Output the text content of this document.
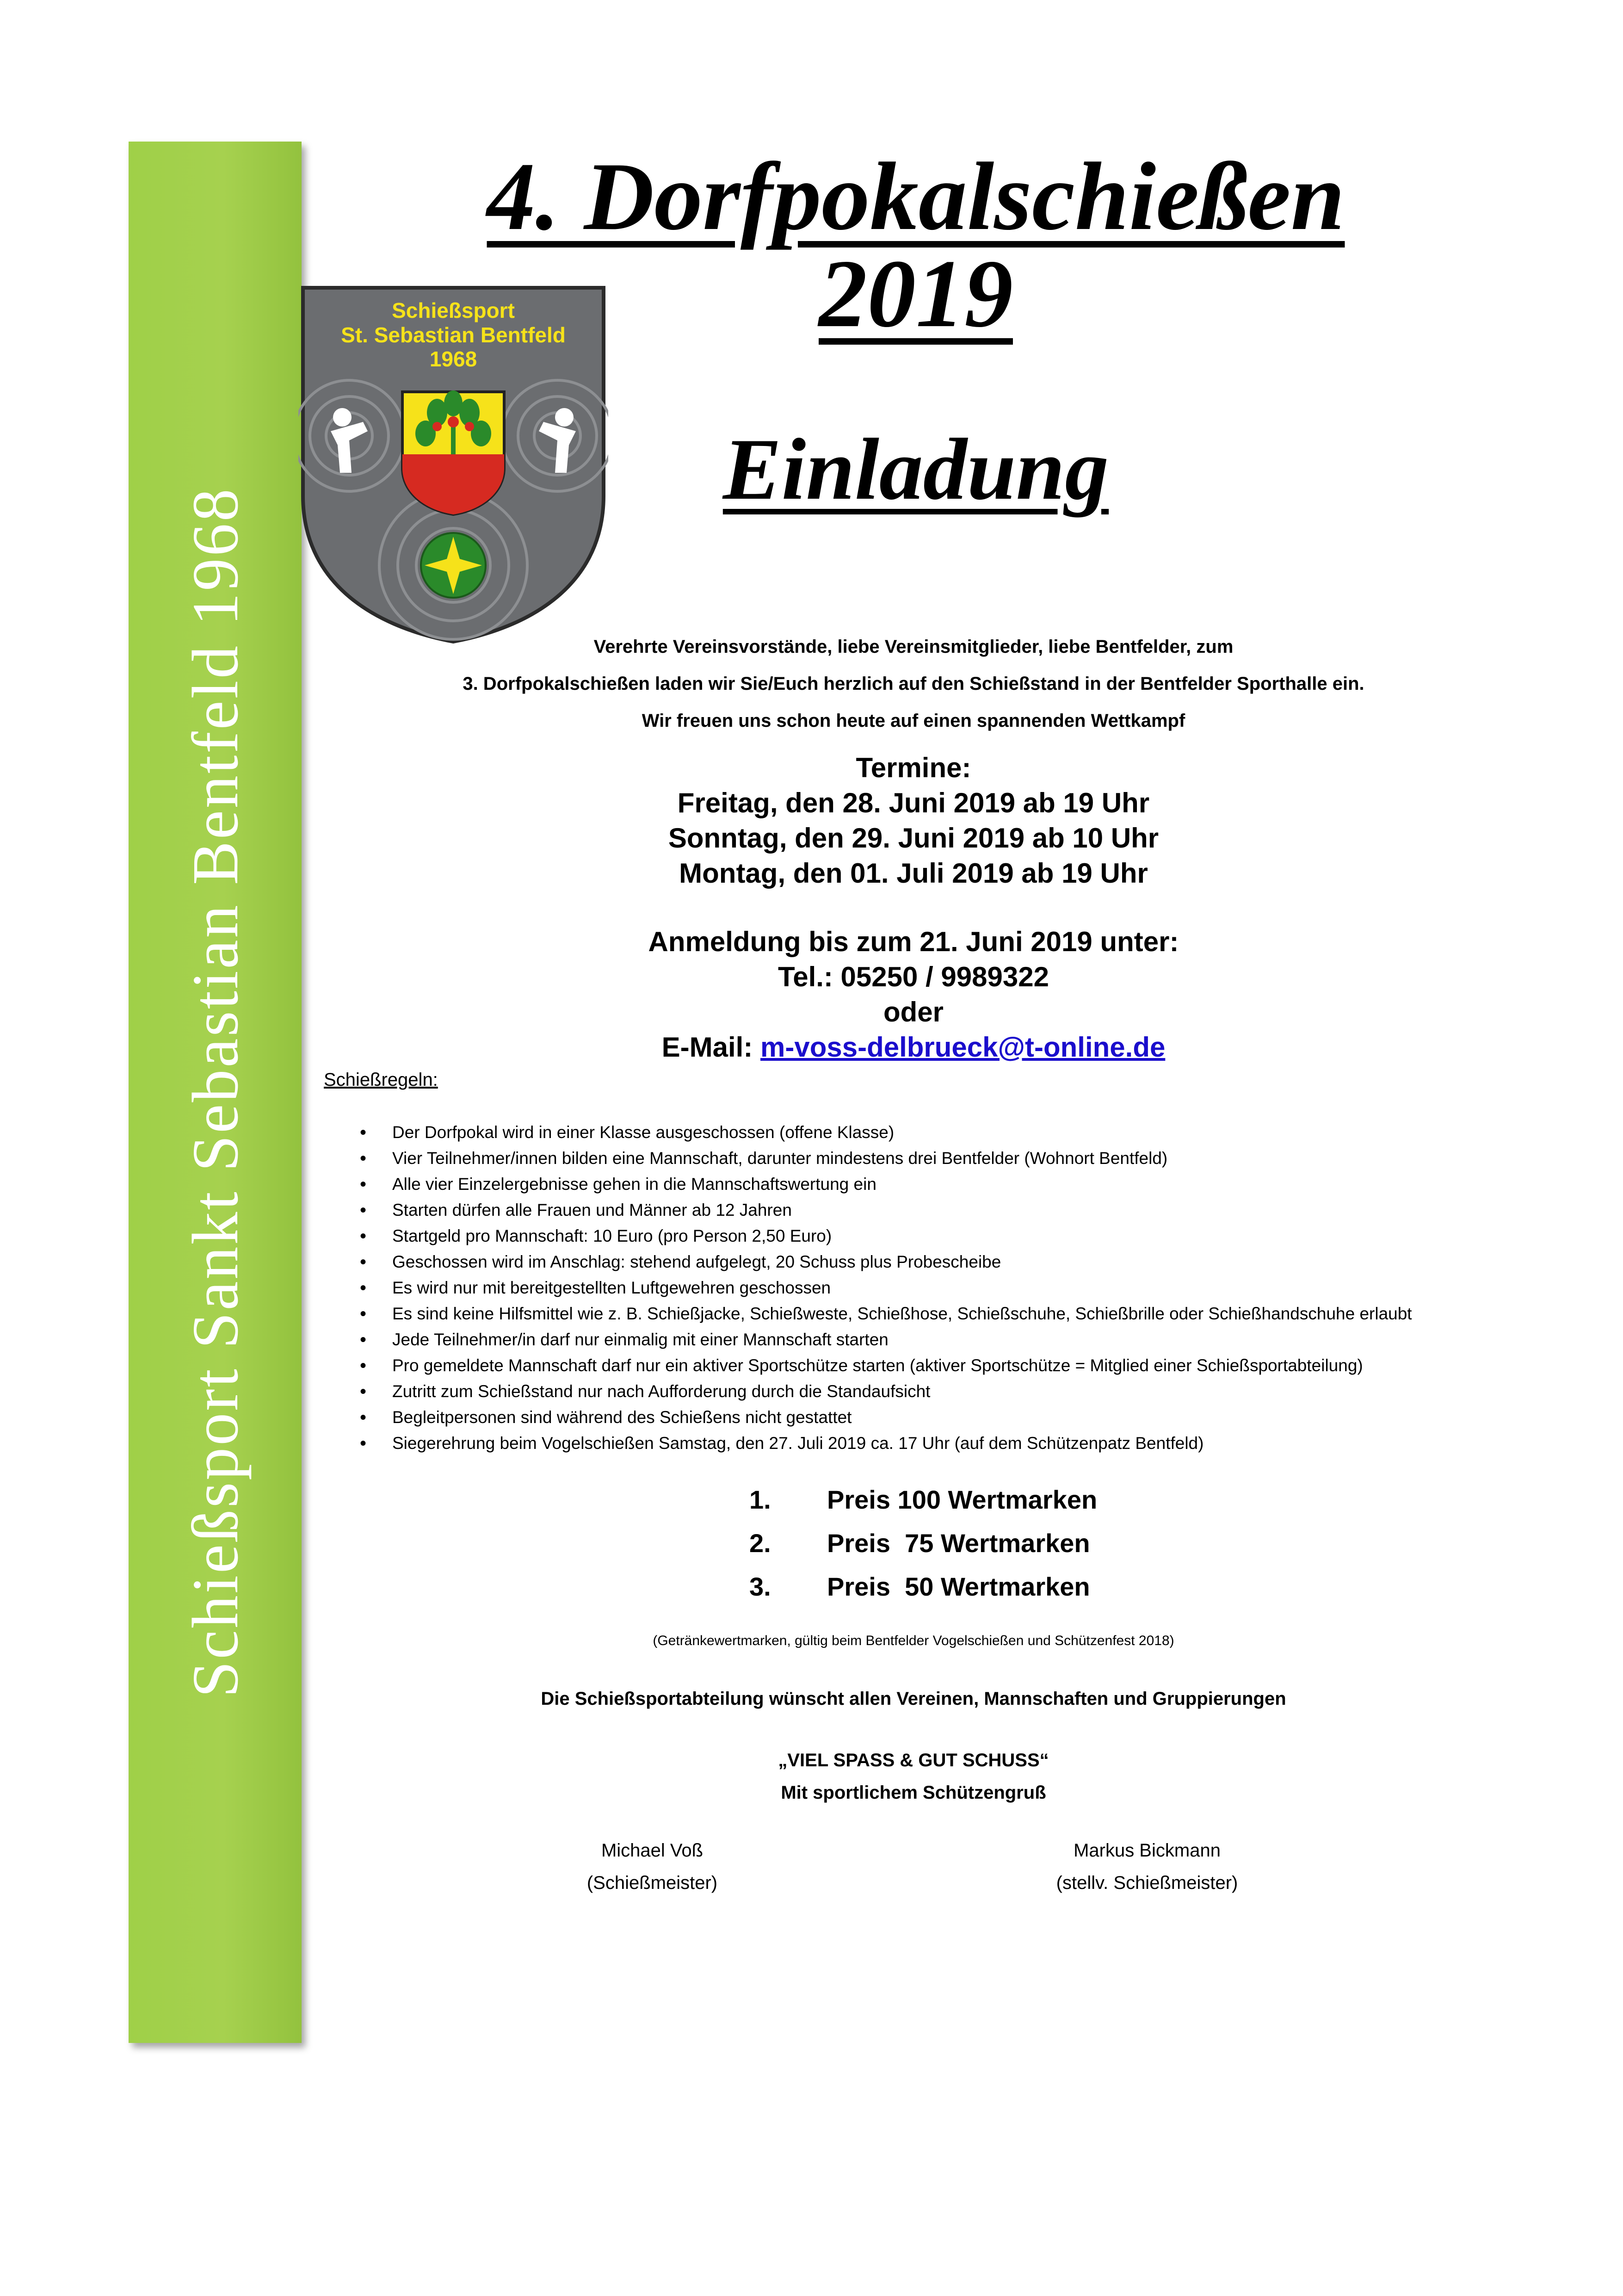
Schießsport Sankt Sebastian Bentfeld 1968
4. Dorfpokalschießen 2019
Schießsport
St. Sebastian Bentfeld
1968
Einladung
Verehrte Vereinsvorstände, liebe Vereinsmitglieder, liebe Bentfelder, zum
3. Dorfpokalschießen laden wir Sie/Euch herzlich auf den Schießstand in der Bentfelder Sporthalle ein.
Wir freuen uns schon heute auf einen spannenden Wettkampf
Termine:
Freitag, den 28. Juni 2019 ab 19 Uhr
Sonntag, den 29. Juni 2019 ab 10 Uhr
Montag, den 01. Juli 2019 ab 19 Uhr
Anmeldung bis zum 21. Juni 2019 unter:
Tel.: 05250 / 9989322
oder
E-Mail: m-voss-delbrueck@t-online.de
Schießregeln:
• Der Dorfpokal wird in einer Klasse ausgeschossen (offene Klasse)
• Vier Teilnehmer/innen bilden eine Mannschaft, darunter mindestens drei Bentfelder (Wohnort Bentfeld)
• Alle vier Einzelergebnisse gehen in die Mannschaftswertung ein
• Starten dürfen alle Frauen und Männer ab 12 Jahren
• Startgeld pro Mannschaft: 10 Euro (pro Person 2,50 Euro)
• Geschossen wird im Anschlag: stehend aufgelegt, 20 Schuss plus Probescheibe
• Es wird nur mit bereitgestellten Luftgewehren geschossen
• Es sind keine Hilfsmittel wie z. B. Schießjacke, Schießweste, Schießhose, Schießschuhe, Schießbrille oder Schießhandschuhe erlaubt
• Jede Teilnehmer/in darf nur einmalig mit einer Mannschaft starten
• Pro gemeldete Mannschaft darf nur ein aktiver Sportschütze starten (aktiver Sportschütze = Mitglied einer Schießsportabteilung)
• Zutritt zum Schießstand nur nach Aufforderung durch die Standaufsicht
• Begleitpersonen sind während des Schießens nicht gestattet
• Siegerehrung beim Vogelschießen Samstag, den 27. Juli 2019 ca. 17 Uhr (auf dem Schützenpatz Bentfeld)
1. Preis 100 Wertmarken
2. Preis  75 Wertmarken
3. Preis  50 Wertmarken
(Getränkewertmarken, gültig beim Bentfelder Vogelschießen und Schützenfest 2018)
Die Schießsportabteilung wünscht allen Vereinen, Mannschaften und Gruppierungen
„VIEL SPASS & GUT SCHUSS“
Mit sportlichem Schützengruß
Michael Voß
(Schießmeister)
Markus Bickmann
(stellv. Schießmeister)
